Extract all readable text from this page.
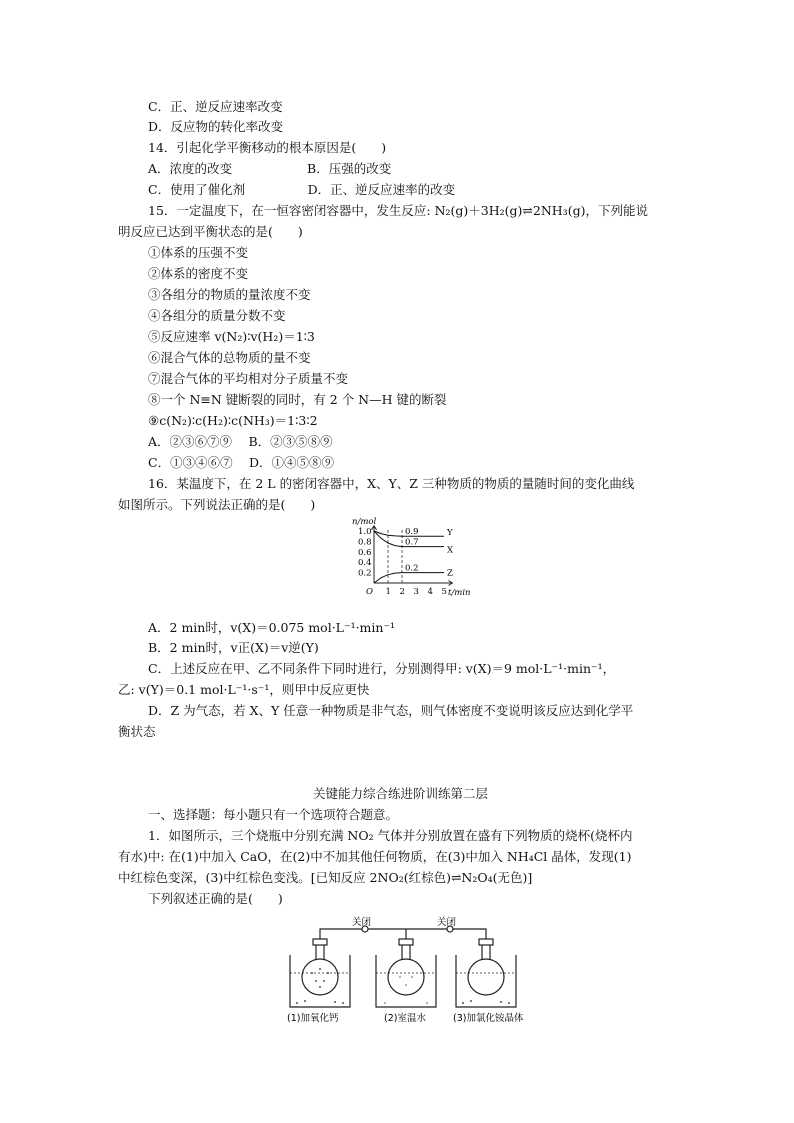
C．正、逆反应速率改变
D．反应物的转化率改变
14．引起化学平衡移动的根本原因是(　　)
A．浓度的改变　　　　　　B．压强的改变
C．使用了催化剂　　　　　D．正、逆反应速率的改变
15．一定温度下，在一恒容密闭容器中，发生反应: N₂(g)＋3H₂(g)⇌2NH₃(g)，下列能说
明反应已达到平衡状态的是(　　)
①体系的压强不变
②体系的密度不变
③各组分的物质的量浓度不变
④各组分的质量分数不变
⑤反应速率 v(N₂)∶v(H₂)＝1∶3
⑥混合气体的总物质的量不变
⑦混合气体的平均相对分子质量不变
⑧一个 N≡N 键断裂的同时，有 2 个 N—H 键的断裂
⑨c(N₂)∶c(H₂)∶c(NH₃)＝1∶3∶2
A．②③⑥⑦⑨　 B．②③⑤⑧⑨
C．①③④⑥⑦　 D．①④⑤⑧⑨
16．某温度下，在 2 L 的密闭容器中，X、Y、Z 三种物质的物质的量随时间的变化曲线
如图所示。下列说法正确的是(　　)
n/mol
t/min
O
1.0
0.8
0.6
0.4
0.2
1 2 3 4 5
Y
0.9
X
0.7
Z
0.2
A．2 min时，v(X)＝0.075 mol·L⁻¹·min⁻¹
B．2 min时，v正(X)＝v逆(Y)
C．上述反应在甲、乙不同条件下同时进行，分别测得甲: v(X)＝9 mol·L⁻¹·min⁻¹，
乙: v(Y)＝0.1 mol·L⁻¹·s⁻¹，则甲中反应更快
D．Z 为气态，若 X、Y 任意一种物质是非气态，则气体密度不变说明该反应达到化学平
衡状态
关键能力综合练进阶训练第二层
一、选择题：每小题只有一个选项符合题意。
1．如图所示，三个烧瓶中分别充满 NO₂ 气体并分别放置在盛有下列物质的烧杯(烧杯内
有水)中: 在(1)中加入 CaO，在(2)中不加其他任何物质，在(3)中加入 NH₄Cl 晶体，发现(1)
中红棕色变深，(3)中红棕色变浅。[已知反应 2NO₂(红棕色)⇌N₂O₄(无色)]
下列叙述正确的是(　　)
关闭	关闭
(1)加氧化钙	(2)室温水	(3)加氯化铵晶体
